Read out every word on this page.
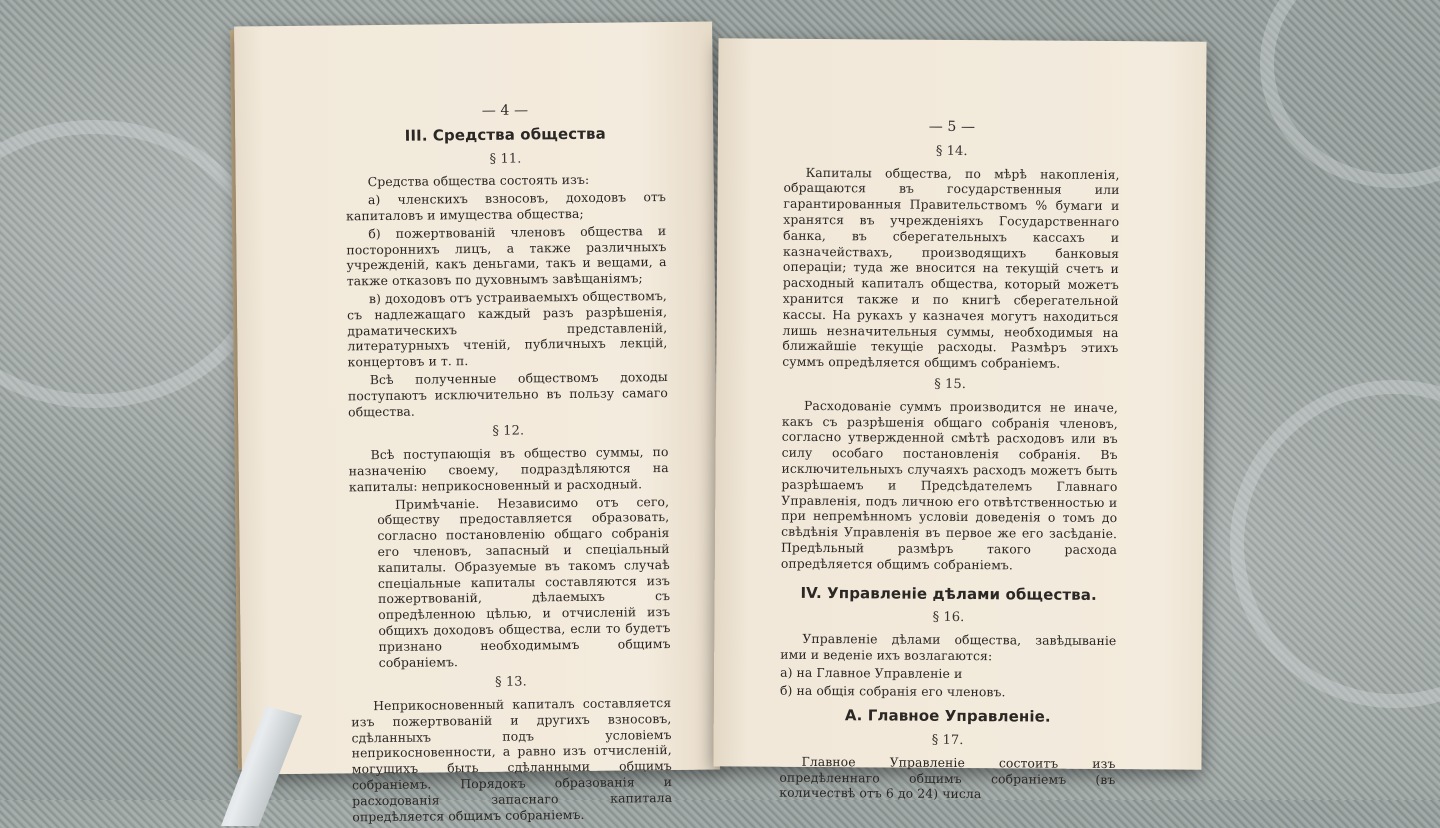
— 4 —
III. Средства общества
§ 11.

Средства общества состоять изъ:

а) членскихъ взносовъ, доходовъ отъ капиталовъ и имущества общества;

б) пожертвованій членовъ общества и постороннихъ лицъ, а также различныхъ учрежденій, какъ деньгами, такъ и вещами, а также отказовъ по духовнымъ завѣщаніямъ;

в) доходовъ отъ устраиваемыхъ обществомъ, съ надлежащаго каждый разъ разрѣшенія, драматическихъ представленій, литературныхъ чтеній, публичныхъ лекцій, концертовъ и т. п.

Всѣ полученные обществомъ доходы поступаютъ исключительно въ пользу самаго общества.

§ 12.

Всѣ поступающія въ общество суммы, по назначенію своему, подраздѣляются на капиталы: неприкосновенный и расходный.

Примѣчаніе. Независимо отъ сего, обществу предоставляется образовать, согласно постановленію общаго собранія его членовъ, запасный и спеціальный капиталы. Образуемые въ такомъ случаѣ спеціальные капиталы составляются изъ пожертвованій, дѣлаемыхъ съ опредѣленною цѣлью, и отчисленій изъ общихъ доходовъ общества, если то будетъ признано необходимымъ общимъ собраніемъ.

§ 13.

Неприкосновенный капиталъ составляется изъ пожертвованій и другихъ взносовъ, сдѣланныхъ подъ условіемъ неприкосновенности, а равно изъ отчисленій, могущихъ быть сдѣланными общимъ собраніемъ. Порядокъ образованія и расходованія запаснаго капитала опредѣляется общимъ собраніемъ.

— 5 —
§ 14.

Капиталы общества, по мѣрѣ накопленія, обращаются въ государственныя или гарантированныя Правительствомъ % бумаги и хранятся въ учрежденіяхъ Государственнаго банка, въ сберегательныхъ кассахъ и казначействахъ, производящихъ банковыя операціи; туда же вносится на текущій счетъ и расходный капиталъ общества, который можетъ хранится также и по книгѣ сберегательной кассы. На рукахъ у казначея могутъ находиться лишь незначительныя суммы, необходимыя на ближайшіе текущіе расходы. Размѣръ этихъ суммъ опредѣляется общимъ собраніемъ.

§ 15.

Расходованіе суммъ производится не иначе, какъ съ разрѣшенія общаго собранія членовъ, согласно утвержденной смѣтѣ расходовъ или въ силу особаго постановленія собранія. Въ исключительныхъ случаяхъ расходъ можетъ быть разрѣшаемъ и Предсѣдателемъ Главнаго Управленія, подъ личною его отвѣтственностью и при непремѣнномъ условіи доведенія о томъ до свѣдѣнія Управленія въ первое же его засѣданіе. Предѣльный размѣръ такого расхода опредѣляется общимъ собраніемъ.

IV. Управленіе дѣлами общества.
§ 16.

Управленіе дѣлами общества, завѣдываніе ими и веденіе ихъ возлагаются:

а) на Главное Управленіе и

б) на общія собранія его членовъ.

А. Главное Управленіе.
§ 17.

Главное Управленіе состоитъ изъ опредѣленнаго общимъ собраніемъ (въ количествѣ отъ 6 до 24) числа
